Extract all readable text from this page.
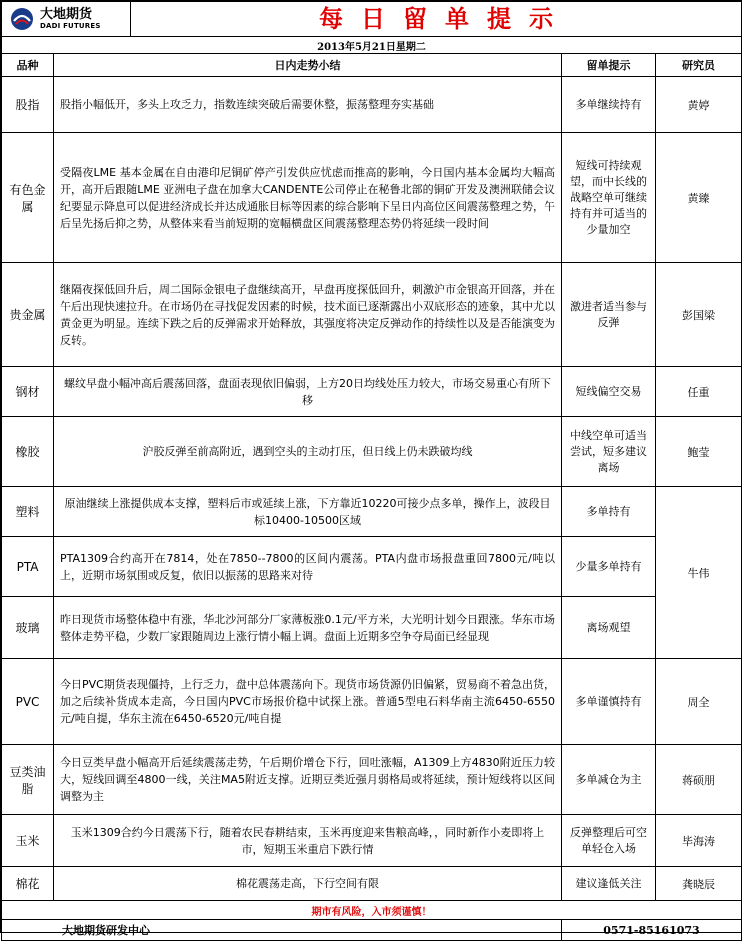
大地期货
DADI FUTURES 每日留单提示			

2013年5月21日星期二			
品种	日内走势小结	留单提示	研究员
股指	股指小幅低开，多头上攻乏力，指数连续突破后需要休整，振荡整理夯实基础	多单继续持有	黄婷
有色金属	受隔夜LME 基本金属在自由港印尼铜矿停产引发供应忧虑而推高的影响，今日国内基本金属均大幅高开，高开后跟随LME 亚洲电子盘在加拿大CANDENTE公司停止在秘鲁北部的铜矿开发及澳洲联储会议纪要显示降息可以促进经济成长并达成通胀目标等因素的综合影响下呈日内高位区间震荡整理之势，午后呈先扬后抑之势，从整体来看当前短期的宽幅横盘区间震荡整理态势仍将延续一段时间	短线可持续观望，而中长线的战略空单可继续持有并可适当的少量加空	黄臻
贵金属	继隔夜探低回升后，周二国际金银电子盘继续高开，早盘再度探低回升，刺激沪市金银高开回落，并在午后出现快速拉升。在市场仍在寻找促发因素的时候，技术面已逐渐露出小双底形态的迹象，其中尤以黄金更为明显。连续下跌之后的反弹需求开始释放，其强度将决定反弹动作的持续性以及是否能演变为反转。	激进者适当参与反弹	彭国梁
钢材	螺纹早盘小幅冲高后震荡回落，盘面表现依旧偏弱，上方20日均线处压力较大，市场交易重心有所下移	短线偏空交易	任重
橡胶	沪胶反弹至前高附近，遇到空头的主动打压，但日线上仍未跌破均线	中线空单可适当尝试，短多建议离场	鲍莹
塑料	原油继续上涨提供成本支撑，塑料后市或延续上涨，下方靠近10220可接少点多单，操作上，波段目标10400-10500区域	多单持有	牛伟
PTA	PTA1309合约高开在7814，处在7850--7800的区间内震荡。PTA内盘市场报盘重回7800元/吨以上，近期市场氛围或反复，依旧以振荡的思路来对待	少量多单持有	
玻璃	昨日现货市场整体稳中有涨，华北沙河部分厂家薄板涨0.1元/平方米，大光明计划今日跟涨。华东市场整体走势平稳，少数厂家跟随周边上涨行情小幅上调。盘面上近期多空争夺局面已经显现	离场观望	
PVC	今日PVC期货表现僵持，上行乏力，盘中总体震荡向下。现货市场货源仍旧偏紧，贸易商不着急出货，加之后续补货成本走高，今日国内PVC市场报价稳中试探上涨。普通5型电石料华南主流6450-6550元/吨自提，华东主流在6450-6520元/吨自提	多单谨慎持有	周全
豆类油脂	今日豆类早盘小幅高开后延续震荡走势，午后期价增仓下行，回吐涨幅，A1309上方4830附近压力较大，短线回调至4800一线，关注MA5附近支撑。近期豆类近强月弱格局或将延续，预计短线将以区间调整为主	多单减仓为主	蒋硕朋
玉米	玉米1309合约今日震荡下行，随着农民春耕结束，玉米再度迎来售粮高峰，，同时新作小麦即将上市，短期玉米重启下跌行情	反弹整理后可空单轻仓入场	毕海涛
棉花	棉花震荡走高，下行空间有限	建议逢低关注	龚晓辰
期市有风险，入市须谨慎！			
大地期货研发中心		0571-85161073	
